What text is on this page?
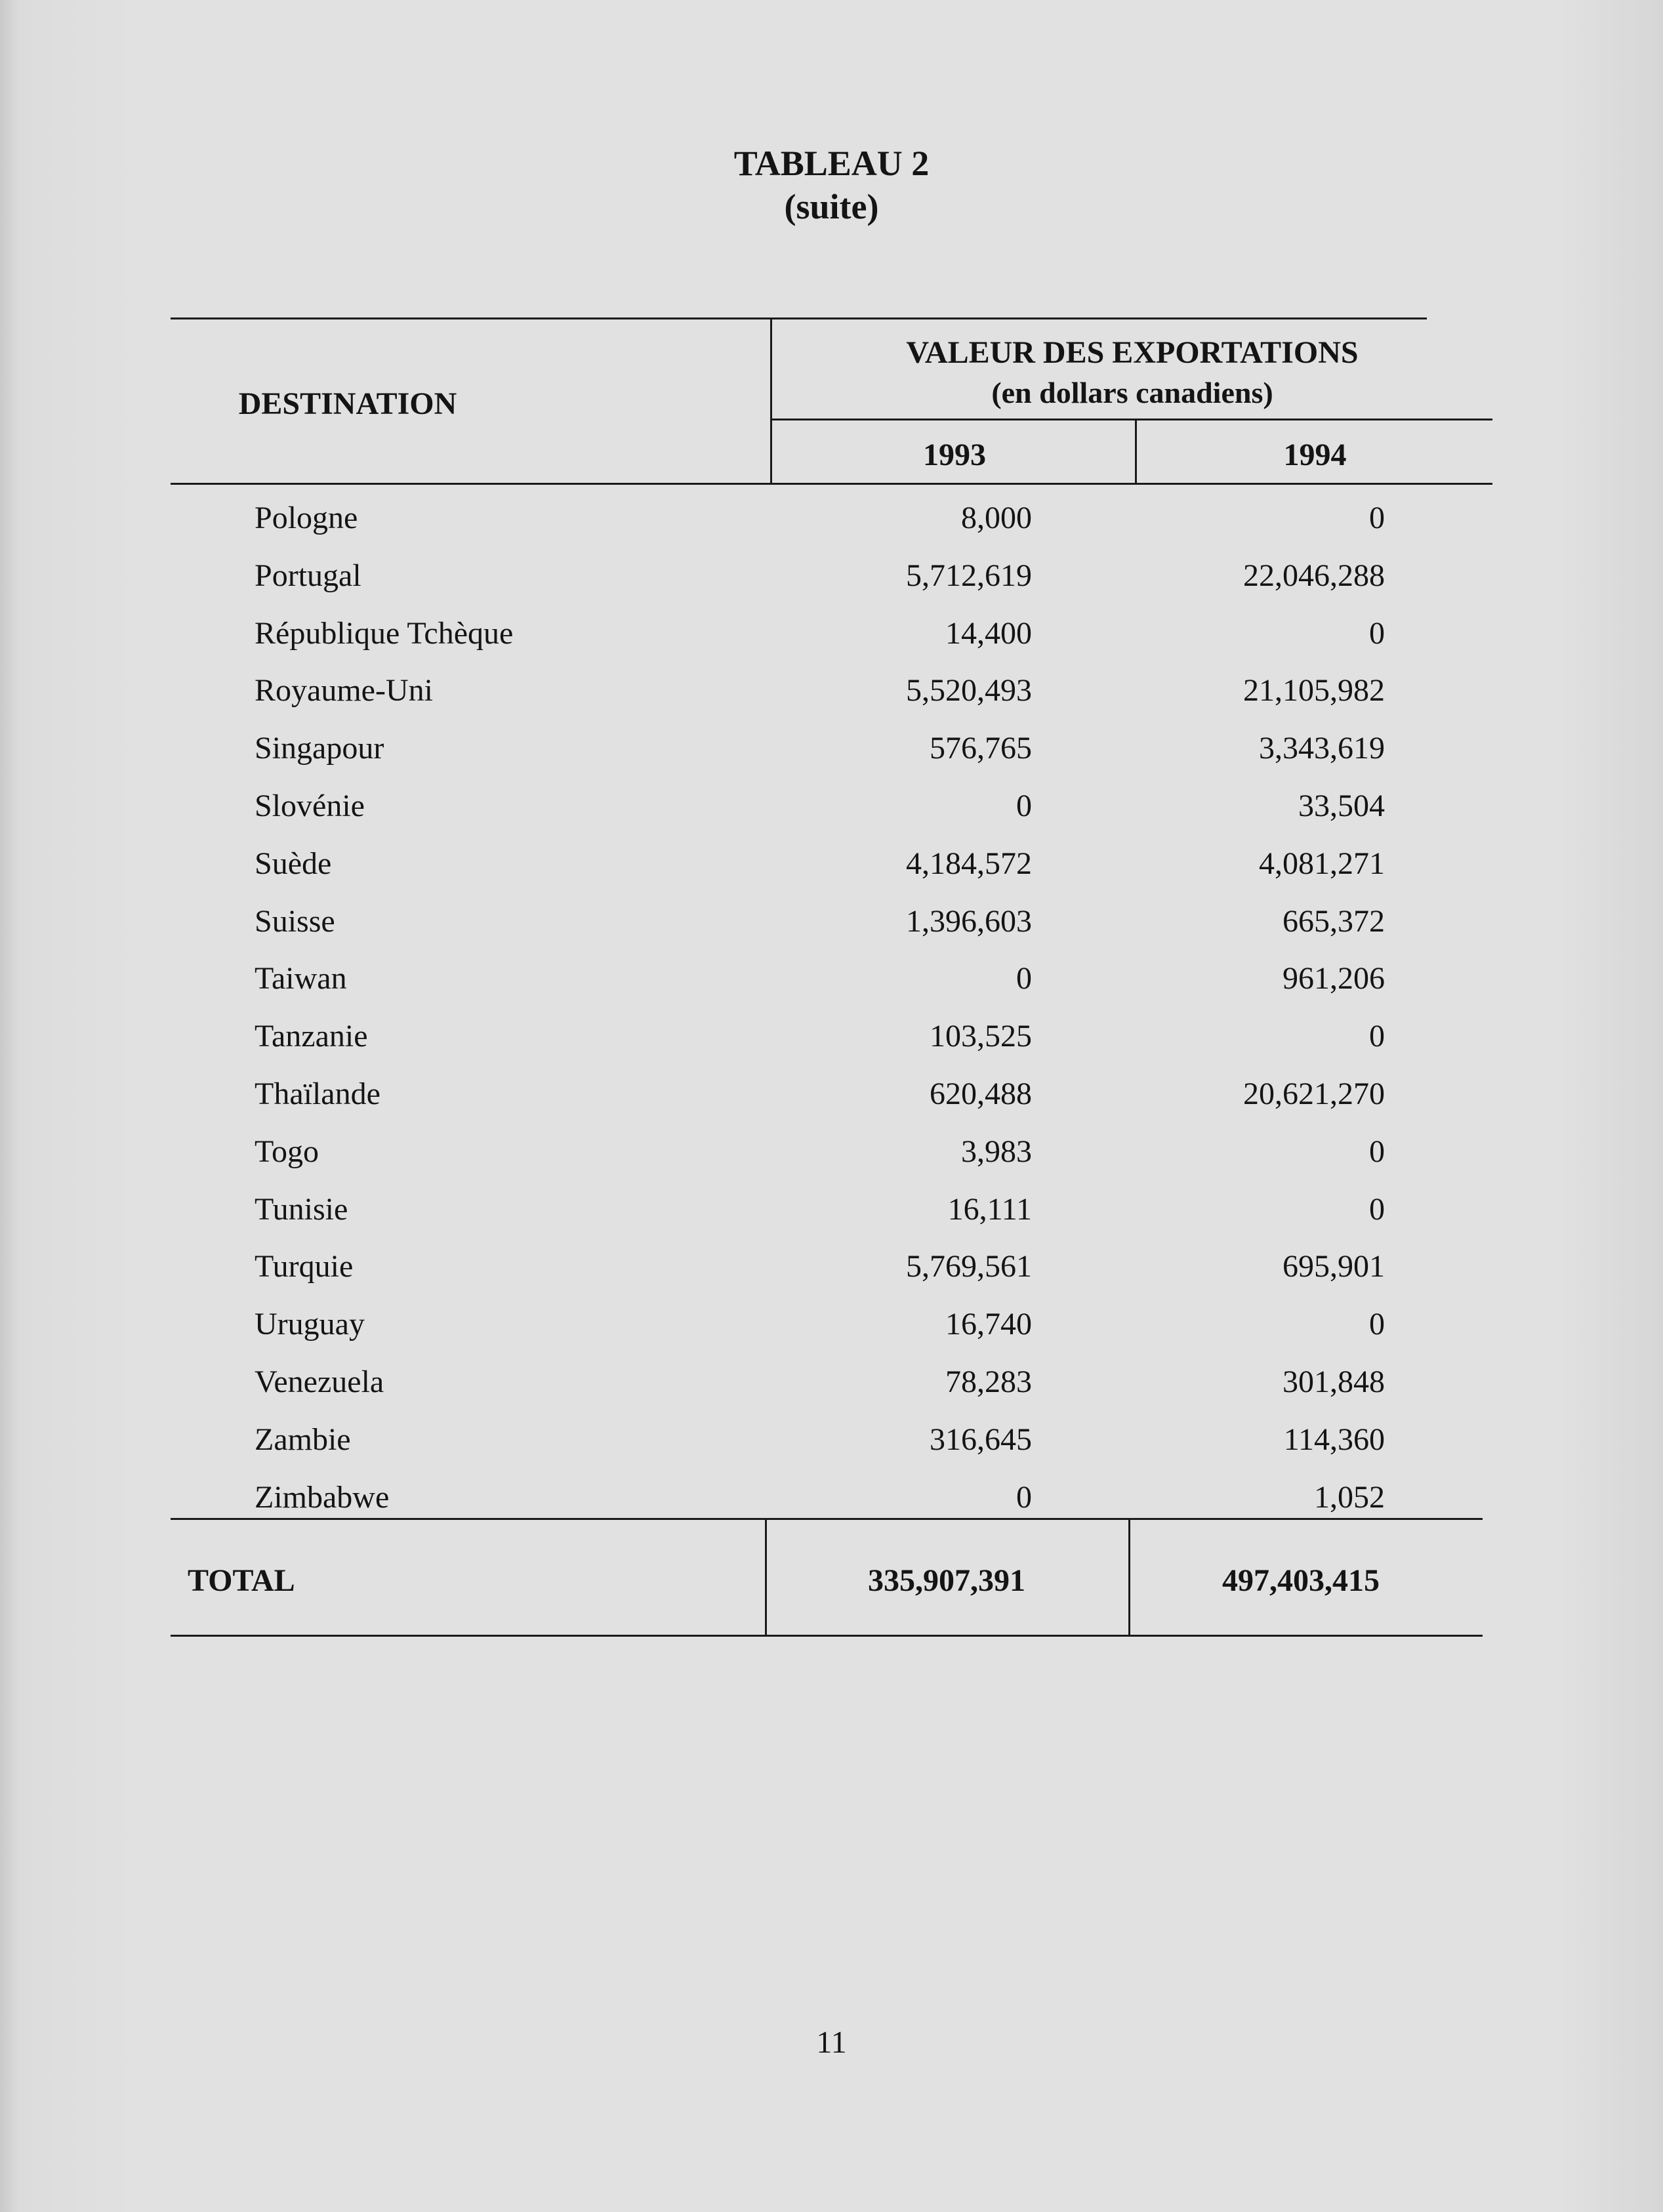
TABLEAU 2
(suite)
DESTINATION
VALEUR DES EXPORTATIONS
(en dollars canadiens)
1993	1994
Pologne	8,000	0
Portugal	5,712,619	22,046,288
République Tchèque	14,400	0
Royaume-Uni	5,520,493	21,105,982
Singapour	576,765	3,343,619
Slovénie	0	33,504
Suède	4,184,572	4,081,271
Suisse	1,396,603	665,372
Taiwan	0	961,206
Tanzanie	103,525	0
Thaïlande	620,488	20,621,270
Togo	3,983	0
Tunisie	16,111	0
Turquie	5,769,561	695,901
Uruguay	16,740	0
Venezuela	78,283	301,848
Zambie	316,645	114,360
Zimbabwe	0	1,052
TOTAL	335,907,391	497,403,415
11
